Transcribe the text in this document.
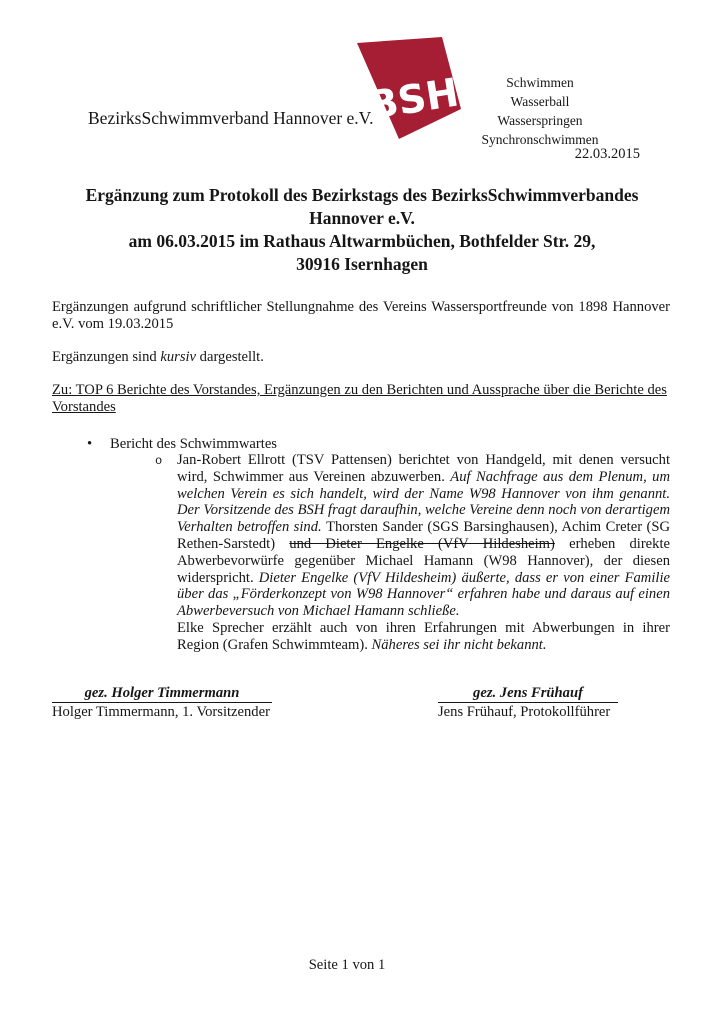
BezirksSchwimmverband Hannover e.V.
BSH	Schwimmen
Wasserball
Wasserspringen
Synchronschwimmen
22.03.2015
Ergänzung zum Protokoll des Bezirkstags des BezirksSchwimmverbandes
Hannover e.V.
am 06.03.2015 im Rathaus Altwarmbüchen, Bothfelder Str. 29,
30916 Isernhagen
Ergänzungen aufgrund schriftlicher Stellungnahme des Vereins Wassersportfreunde von 1898 Hannover e.V. vom 19.03.2015
Ergänzungen sind kursiv dargestellt.
Zu: TOP 6 Berichte des Vorstandes, Ergänzungen zu den Berichten und Aussprache über die Berichte des Vorstandes
• Bericht des Schwimmwartes
o Jan-Robert Ellrott (TSV Pattensen) berichtet von Handgeld, mit denen versucht wird, Schwimmer aus Vereinen abzuwerben. Auf Nachfrage aus dem Plenum, um welchen Verein es sich handelt, wird der Name W98 Hannover von ihm genannt. Der Vorsitzende des BSH fragt daraufhin, welche Vereine denn noch von derartigem Verhalten betroffen sind. Thorsten Sander (SGS Barsinghausen), Achim Creter (SG Rethen-Sarstedt) und Dieter Engelke (VfV Hildesheim) erheben direkte Abwerbevorwürfe gegenüber Michael Hamann (W98 Hannover), der diesen widerspricht. Dieter Engelke (VfV Hildesheim) äußerte, dass er von einer Familie über das „Förderkonzept von W98 Hannover“ erfahren habe und daraus auf einen Abwerbeversuch von Michael Hamann schließe.
Elke Sprecher erzählt auch von ihren Erfahrungen mit Abwerbungen in ihrer Region (Grafen Schwimmteam). Näheres sei ihr nicht bekannt.
gez. Holger Timmermann
Holger Timmermann, 1. Vorsitzender
gez. Jens Frühauf
Jens Frühauf, Protokollführer
Seite 1 von 1
